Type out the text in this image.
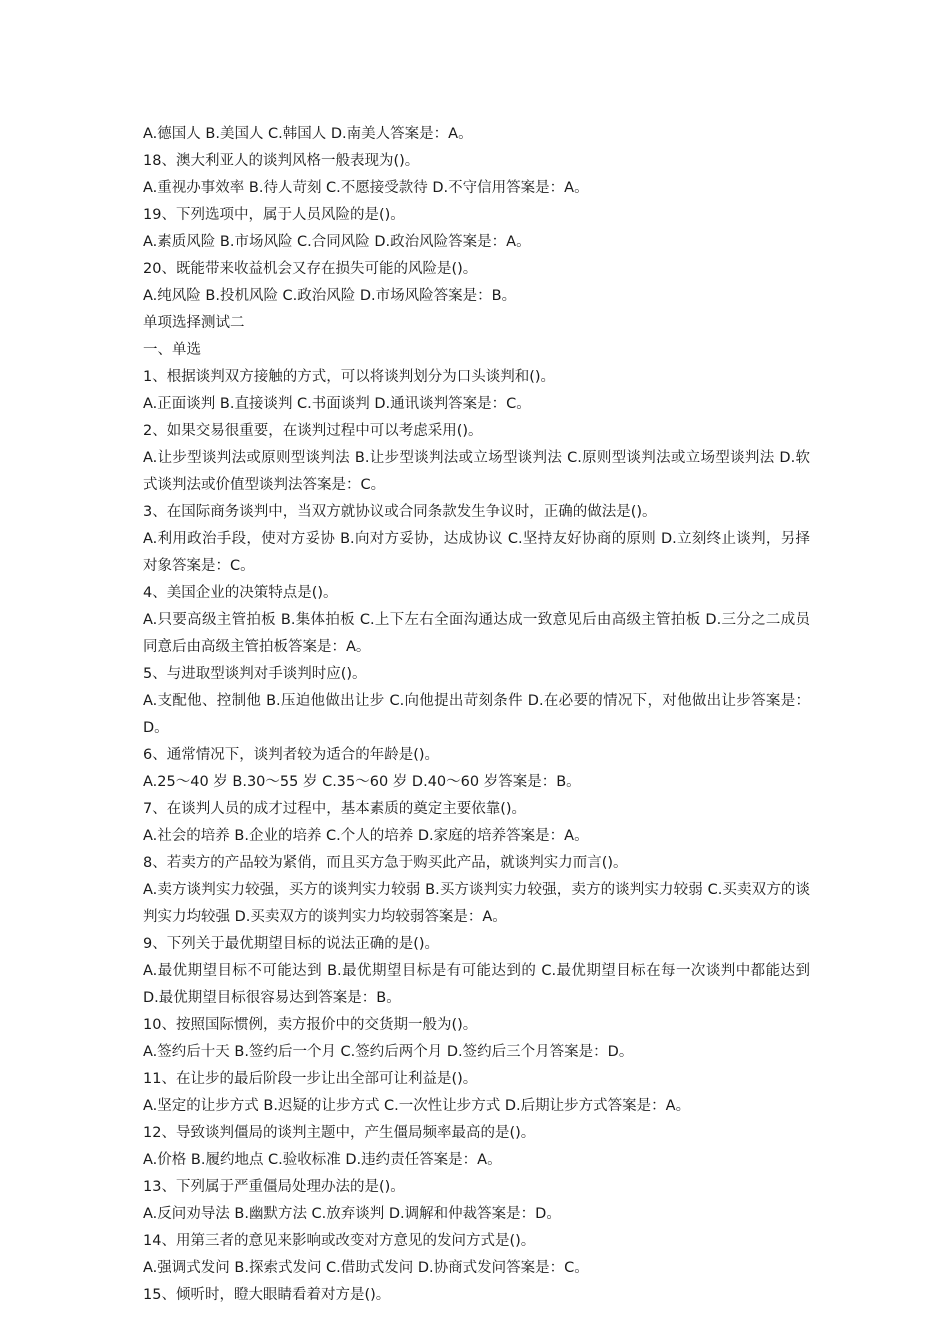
A.德国人 B.美国人 C.韩国人 D.南美人答案是：A。
18、澳大利亚人的谈判风格一般表现为()。
A.重视办事效率 B.待人苛刻 C.不愿接受款待 D.不守信用答案是：A。
19、下列选项中，属于人员风险的是()。
A.素质风险 B.市场风险 C.合同风险 D.政治风险答案是：A。
20、既能带来收益机会又存在损失可能的风险是()。
A.纯风险 B.投机风险 C.政治风险 D.市场风险答案是：B。
单项选择测试二
一、单选
1、根据谈判双方接触的方式，可以将谈判划分为口头谈判和()。
A.正面谈判 B.直接谈判 C.书面谈判 D.通讯谈判答案是：C。
2、如果交易很重要，在谈判过程中可以考虑采用()。
A.让步型谈判法或原则型谈判法 B.让步型谈判法或立场型谈判法 C.原则型谈判法或立场型谈判法 D.软式谈判法或价值型谈判法答案是：C。
3、在国际商务谈判中，当双方就协议或合同条款发生争议时，正确的做法是()。
A.利用政治手段，使对方妥协 B.向对方妥协，达成协议 C.坚持友好协商的原则 D.立刻终止谈判，另择对象答案是：C。
4、美国企业的决策特点是()。
A.只要高级主管拍板 B.集体拍板 C.上下左右全面沟通达成一致意见后由高级主管拍板 D.三分之二成员同意后由高级主管拍板答案是：A。
5、与进取型谈判对手谈判时应()。
A.支配他、控制他 B.压迫他做出让步 C.向他提出苛刻条件 D.在必要的情况下，对他做出让步答案是：D。
6、通常情况下，谈判者较为适合的年龄是()。
A.25～40 岁 B.30～55 岁 C.35～60 岁 D.40～60 岁答案是：B。
7、在谈判人员的成才过程中，基本素质的奠定主要依靠()。
A.社会的培养 B.企业的培养 C.个人的培养 D.家庭的培养答案是：A。
8、若卖方的产品较为紧俏，而且买方急于购买此产品，就谈判实力而言()。
A.卖方谈判实力较强，买方的谈判实力较弱 B.买方谈判实力较强，卖方的谈判实力较弱 C.买卖双方的谈判实力均较强 D.买卖双方的谈判实力均较弱答案是：A。
9、下列关于最优期望目标的说法正确的是()。
A.最优期望目标不可能达到 B.最优期望目标是有可能达到的 C.最优期望目标在每一次谈判中都能达到 D.最优期望目标很容易达到答案是：B。
10、按照国际惯例，卖方报价中的交货期一般为()。
A.签约后十天 B.签约后一个月 C.签约后两个月 D.签约后三个月答案是：D。
11、在让步的最后阶段一步让出全部可让利益是()。
A.坚定的让步方式 B.迟疑的让步方式 C.一次性让步方式 D.后期让步方式答案是：A。
12、导致谈判僵局的谈判主题中，产生僵局频率最高的是()。
A.价格 B.履约地点 C.验收标准 D.违约责任答案是：A。
13、下列属于严重僵局处理办法的是()。
A.反问劝导法 B.幽默方法 C.放弃谈判 D.调解和仲裁答案是：D。
14、用第三者的意见来影响或改变对方意见的发问方式是()。
A.强调式发问 B.探索式发问 C.借助式发问 D.协商式发问答案是：C。
15、倾听时，瞪大眼睛看着对方是()。
